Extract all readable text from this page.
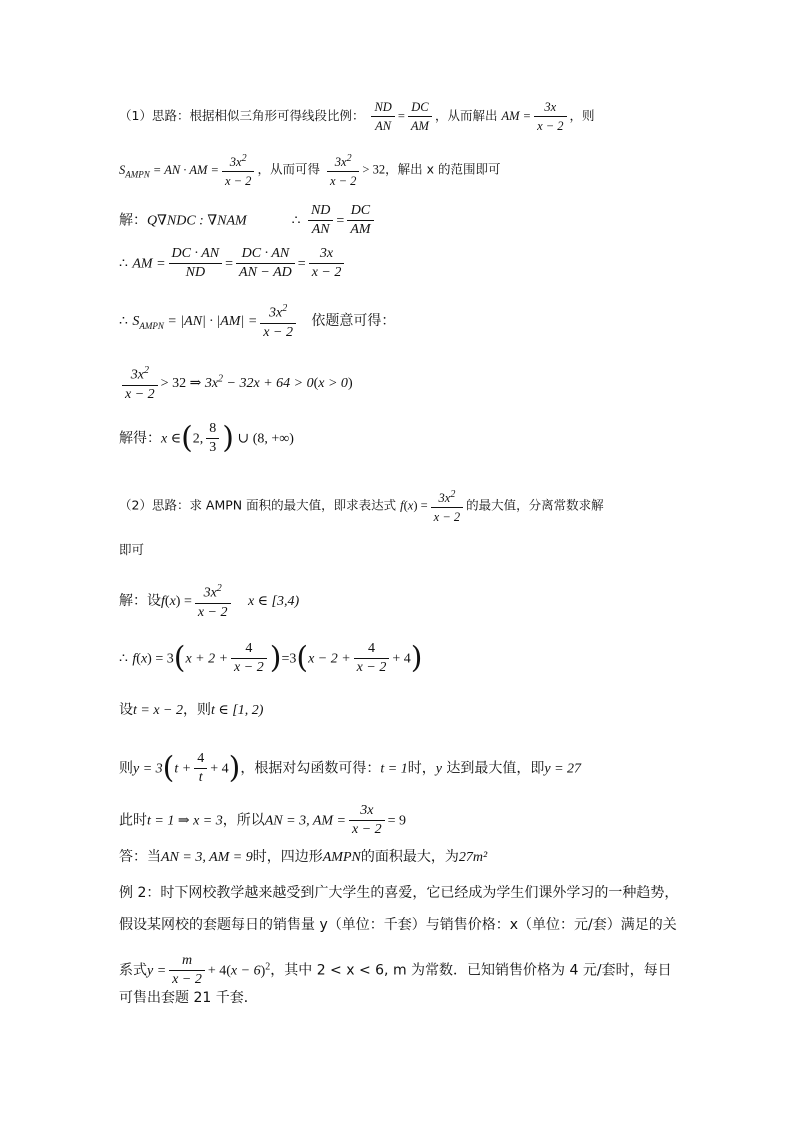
（1）思路：根据相似三角形可得线段比例： $\frac{ND}{AN} = \frac{DC}{AM}$ ，从而解出 AM = $\frac{3x}{x - 2}$ ，则
$S_{AMPN}$ = AN · AM = $\frac{3x^2}{x - 2}$ ，从而可得 $\frac{3x^2}{x - 2} > 32$，解出 x 的范围即可
解：Q∇NDC : ∇NAM	∴ $\frac{ND}{AN} = \frac{DC}{AM}$
∴ AM = $\frac{DC \cdot AN}{ND} = \frac{DC \cdot AN}{AN - AD} = \frac{3x}{x - 2}$
∴ $S_{AMPN} = |AN| \cdot |AM| = \frac{3x^2}{x - 2}$ 依题意可得：
$\frac{3x^2}{x - 2} > 32$ ⇒ $3x^2 - 32x + 64 > 0(x > 0)$
解得：x ∈(2, $\frac{8}{3}$ ) ∪ (8, +∞)
（2）思路：求 AMPN 面积的最大值，即求表达式 $f(x) = \frac{3x^2}{x - 2}$ 的最大值，分离常数求解
即可
解：设$f(x) = \frac{3x^2}{x - 2}$ x ∈ [3,4)
∴ $f(x) = 3(x + 2 + \frac{4}{x - 2} )=3(x - 2 + \frac{4}{x - 2} + 4)$
设t = x − 2，则t ∈ [1, 2)
则$y = 3(t + \frac{4}{t} + 4)$，根据对勾函数可得：t = 1时，y 达到最大值，即y = 27
此时t = 1 ⇒ x = 3，所以AN = 3, AM = $\frac{3x}{x - 2} = 9$
答：当AN = 3, AM = 9时，四边形AMPN的面积最大，为27m²
例 2：时下网校教学越来越受到广大学生的喜爱，它已经成为学生们课外学习的一种趋势，
假设某网校的套题每日的销售量 y（单位：千套）与销售价格：x（单位：元/套）满足的关
系式$y = \frac{m}{x - 2} + 4(x - 6)^2$，其中 2 < x < 6, m 为常数．已知销售价格为 4 元/套时，每日
可售出套题 21 千套．
